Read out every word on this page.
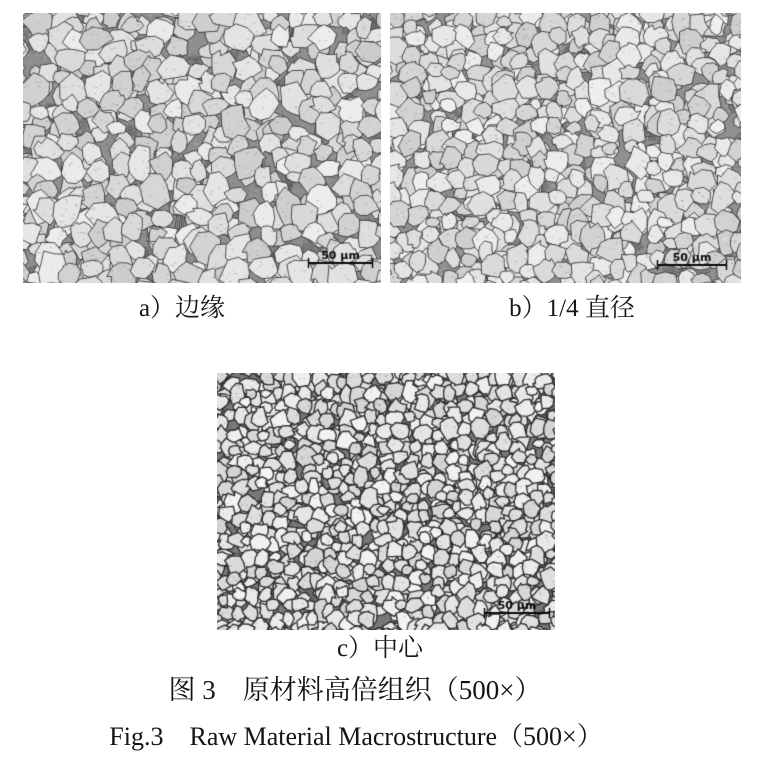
a）边缘	b）1/4 直径
c）中心
图 3　原材料高倍组织（500×）
Fig.3　Raw Material Macrostructure（500×）
